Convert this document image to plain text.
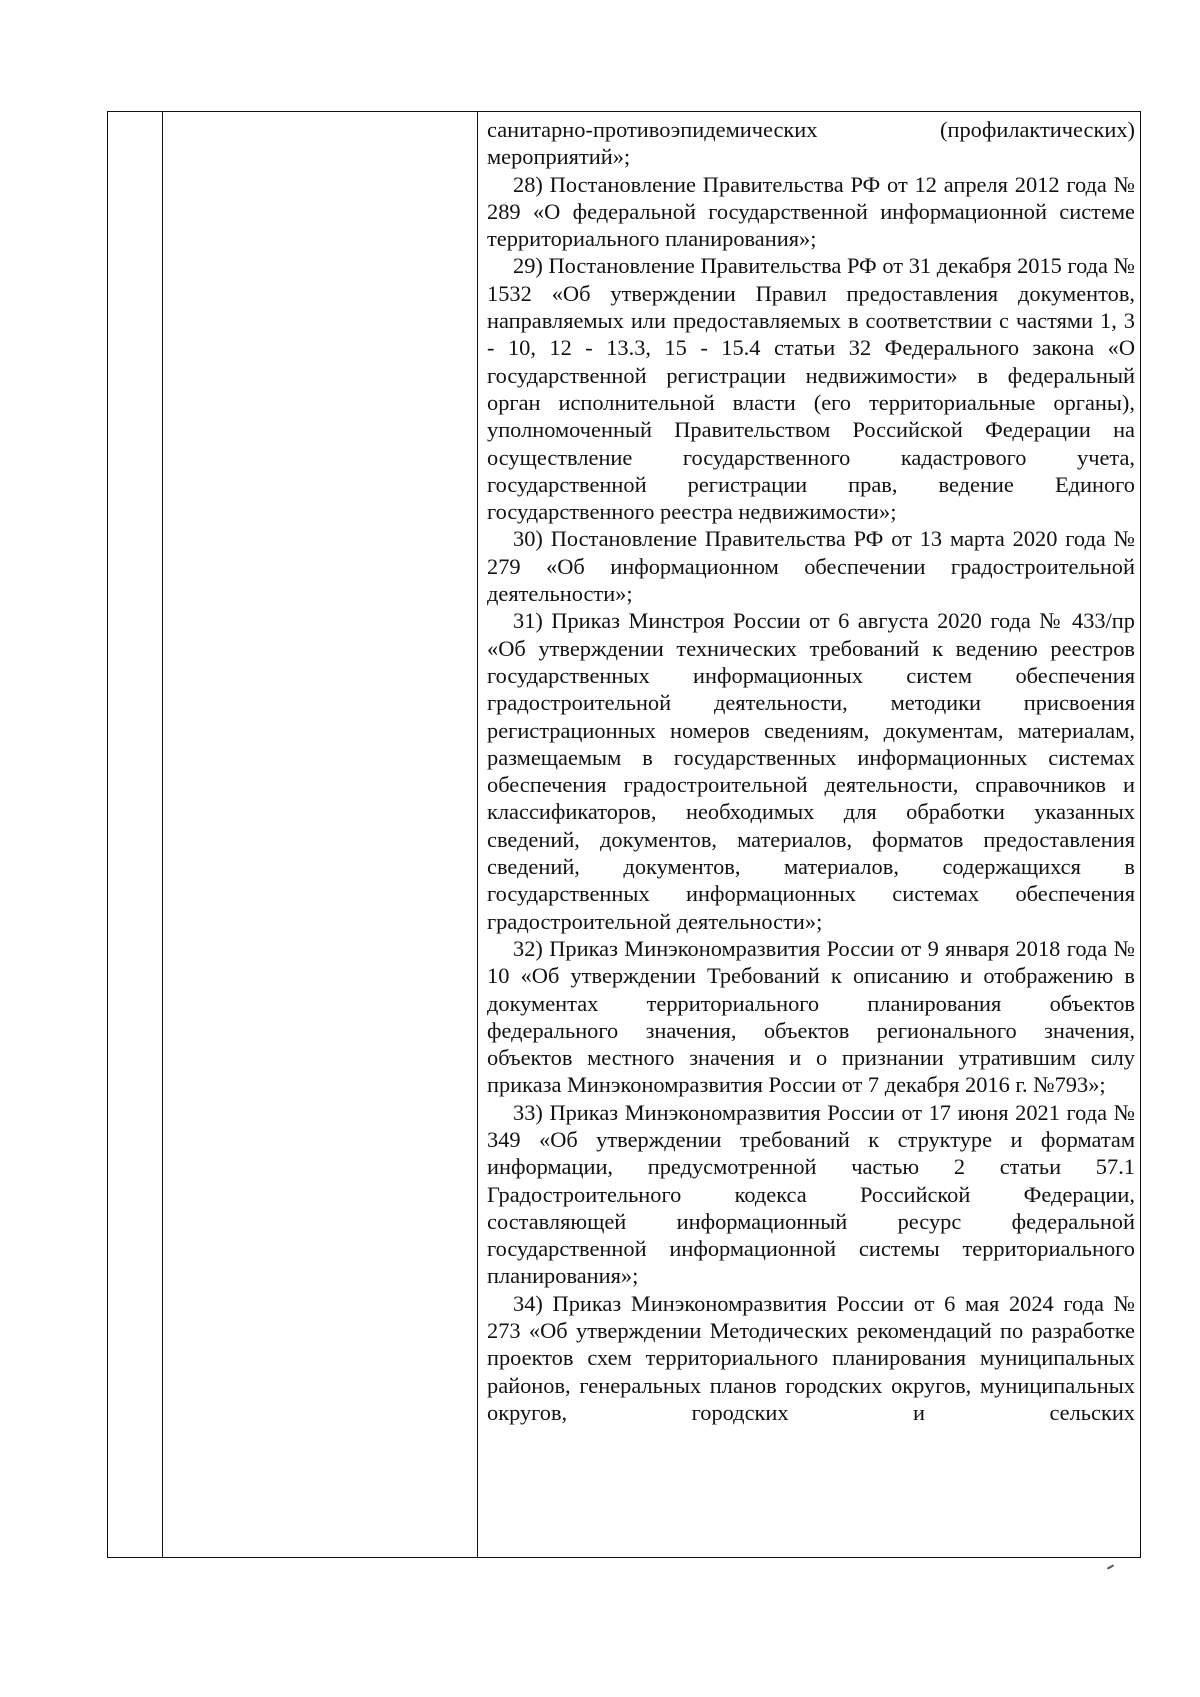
санитарно-противоэпидемических (профилактических) мероприятий»;

28) Постановление Правительства РФ от 12 апреля 2012 года № 289 «О федеральной государственной информационной системе территориального планирования»;

29) Постановление Правительства РФ от 31 декабря 2015 года № 1532 «Об утверждении Правил предоставления документов, направляемых или предоставляемых в соответствии с частями 1, 3 - 10, 12 - 13.3, 15 - 15.4 статьи 32 Федерального закона «О государственной регистрации недвижимости» в федеральный орган исполнительной власти (его территориальные органы), уполномоченный Правительством Российской Федерации на осуществление государственного кадастрового учета, государственной регистрации прав, ведение Единого государственного реестра недвижимости»;

30) Постановление Правительства РФ от 13 марта 2020 года № 279 «Об информационном обеспечении градостроительной деятельности»;

31) Приказ Минстроя России от 6 августа 2020 года № 433/пр «Об утверждении технических требований к ведению реестров государственных информационных систем обеспечения градостроительной деятельности, методики присвоения регистрационных номеров сведениям, документам, материалам, размещаемым в государственных информационных системах обеспечения градостроительной деятельности, справочников и классификаторов, необходимых для обработки указанных сведений, документов, материалов, форматов предоставления сведений, документов, материалов, содержащихся в государственных информационных системах обеспечения градостроительной деятельности»;

32) Приказ Минэкономразвития России от 9 января 2018 года № 10 «Об утверждении Требований к описанию и отображению в документах территориального планирования объектов федерального значения, объектов регионального значения, объектов местного значения и о признании утратившим силу приказа Минэкономразвития России от 7 декабря 2016 г. №793»;

33) Приказ Минэкономразвития России от 17 июня 2021 года № 349 «Об утверждении требований к структуре и форматам информации, предусмотренной частью 2 статьи 57.1 Градостроительного кодекса Российской Федерации, составляющей информационный ресурс федеральной государственной информационной системы территориального планирования»;

34) Приказ Минэкономразвития России от 6 мая 2024 года № 273 «Об утверждении Методических рекомендаций по разработке проектов схем территориального планирования муниципальных районов, генеральных планов городских округов, муниципальных округов, городских и сельских
